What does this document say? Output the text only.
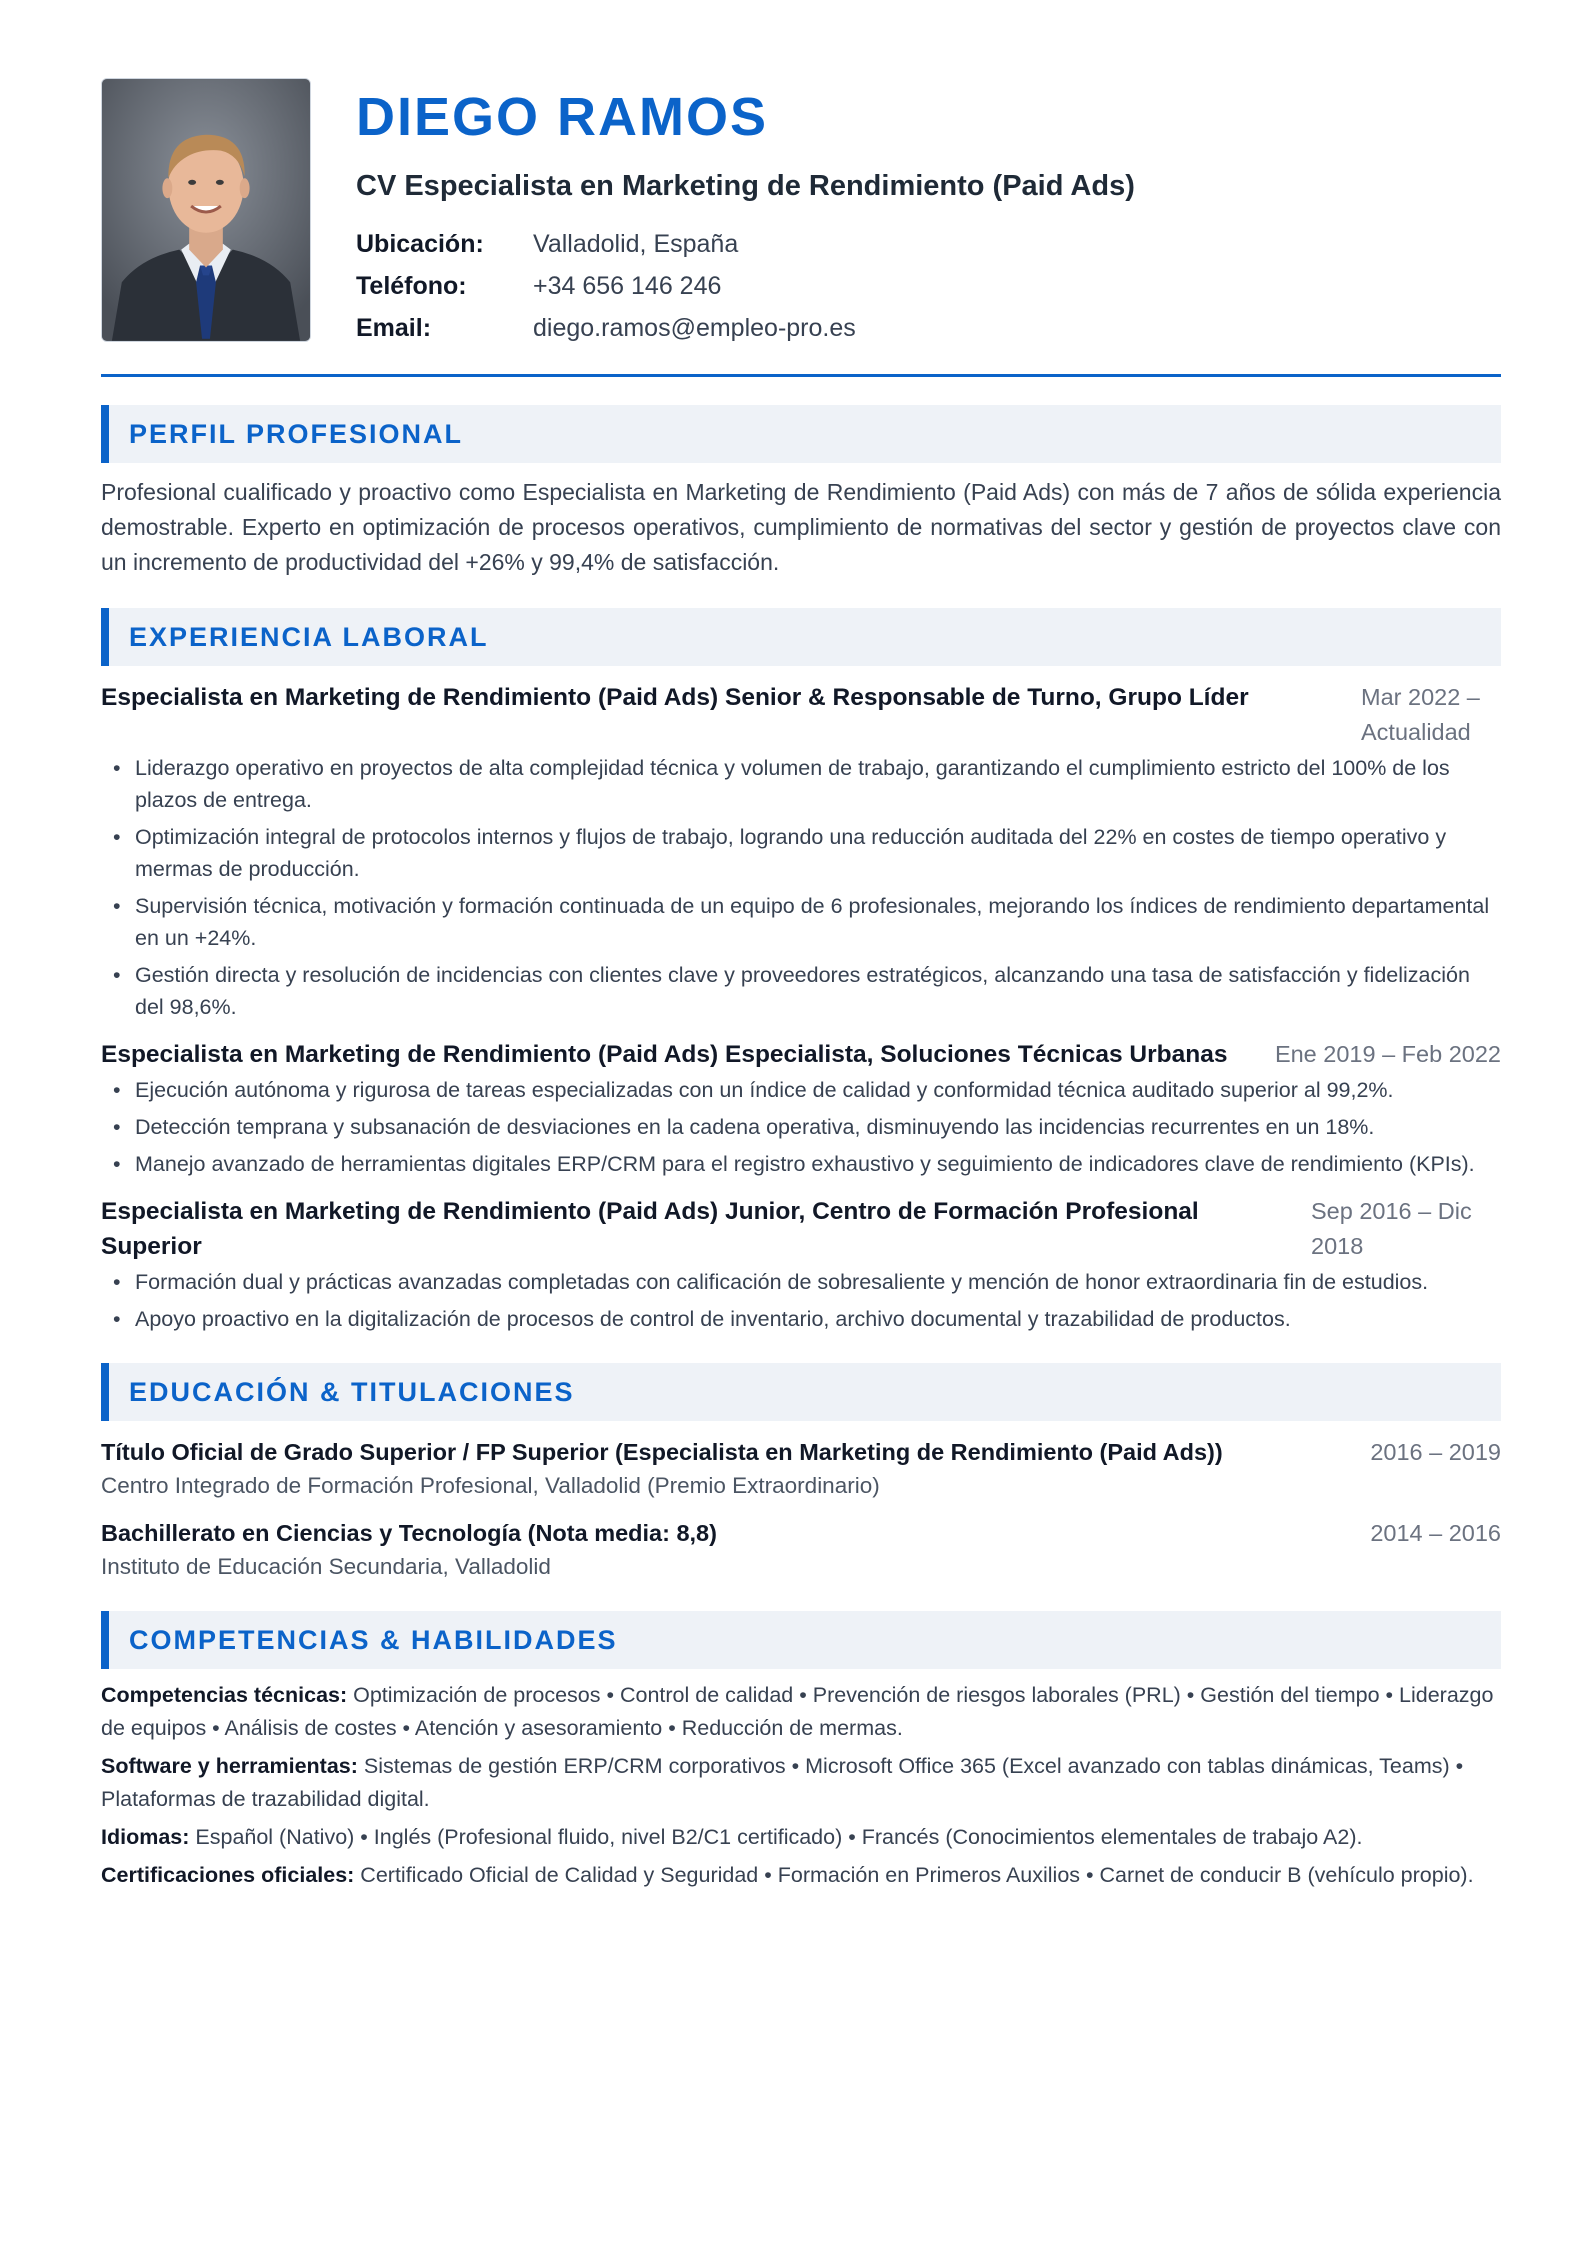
DIEGO RAMOS
CV Especialista en Marketing de Rendimiento (Paid Ads)
Ubicación:	Valladolid, España
Teléfono:	+34 656 146 246
Email:	diego.ramos@empleo-pro.es
PERFIL PROFESIONAL

Profesional cualificado y proactivo como Especialista en Marketing de Rendimiento (Paid Ads) con más de 7 años de sólida experiencia demostrable. Experto en optimización de procesos operativos, cumplimiento de normativas del sector y gestión de proyectos clave con un incremento de productividad del +26% y 99,4% de satisfacción.

EXPERIENCIA LABORAL
Especialista en Marketing de Rendimiento (Paid Ads) Senior & Responsable de Turno, Grupo Líder	Mar 2022 – Actualidad
• Liderazgo operativo en proyectos de alta complejidad técnica y volumen de trabajo, garantizando el cumplimiento estricto del 100% de los plazos de entrega.
• Optimización integral de protocolos internos y flujos de trabajo, logrando una reducción auditada del 22% en costes de tiempo operativo y mermas de producción.
• Supervisión técnica, motivación y formación continuada de un equipo de 6 profesionales, mejorando los índices de rendimiento departamental en un +24%.
• Gestión directa y resolución de incidencias con clientes clave y proveedores estratégicos, alcanzando una tasa de satisfacción y fidelización del 98,6%.
Especialista en Marketing de Rendimiento (Paid Ads) Especialista, Soluciones Técnicas Urbanas Ene 2019 – Feb 2022
• Ejecución autónoma y rigurosa de tareas especializadas con un índice de calidad y conformidad técnica auditado superior al 99,2%.
• Detección temprana y subsanación de desviaciones en la cadena operativa, disminuyendo las incidencias recurrentes en un 18%.
• Manejo avanzado de herramientas digitales ERP/CRM para el registro exhaustivo y seguimiento de indicadores clave de rendimiento (KPIs).
Especialista en Marketing de Rendimiento (Paid Ads) Junior, Centro de Formación Profesional Superior
Sep 2016 – Dic 2018
• Formación dual y prácticas avanzadas completadas con calificación de sobresaliente y mención de honor extraordinaria fin de estudios.
• Apoyo proactivo en la digitalización de procesos de control de inventario, archivo documental y trazabilidad de productos.
EDUCACIÓN & TITULACIONES
Título Oficial de Grado Superior / FP Superior (Especialista en Marketing de Rendimiento (Paid Ads))	2016 – 2019
Centro Integrado de Formación Profesional, Valladolid (Premio Extraordinario)
Bachillerato en Ciencias y Tecnología (Nota media: 8,8)	2014 – 2016
Instituto de Educación Secundaria, Valladolid
COMPETENCIAS & HABILIDADES
Competencias técnicas: Optimización de procesos • Control de calidad • Prevención de riesgos laborales (PRL) • Gestión del tiempo • Liderazgo de equipos • Análisis de costes • Atención y asesoramiento • Reducción de mermas.
Software y herramientas: Sistemas de gestión ERP/CRM corporativos • Microsoft Office 365 (Excel avanzado con tablas dinámicas, Teams) • Plataformas de trazabilidad digital.
Idiomas: Español (Nativo) • Inglés (Profesional fluido, nivel B2/C1 certificado) • Francés (Conocimientos elementales de trabajo A2).
Certificaciones oficiales: Certificado Oficial de Calidad y Seguridad • Formación en Primeros Auxilios • Carnet de conducir B (vehículo propio).
